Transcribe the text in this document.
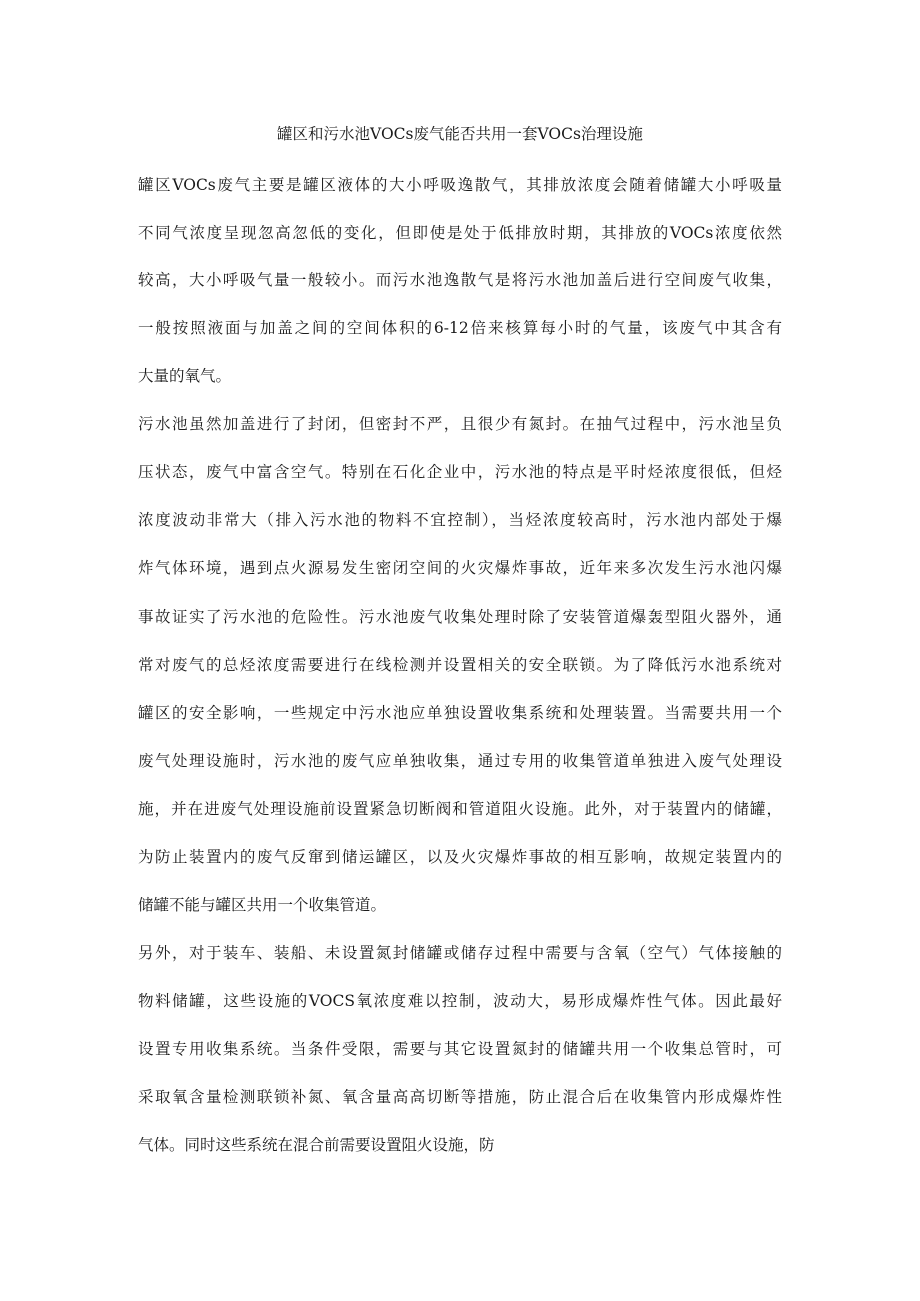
罐区和污水池VOCs废气能否共用一套VOCs治理设施

罐区VOCs废气主要是罐区液体的大小呼吸逸散气，其排放浓度会随着储罐大小呼吸量

不同气浓度呈现忽高忽低的变化，但即使是处于低排放时期，其排放的VOCs浓度依然

较高，大小呼吸气量一般较小。而污水池逸散气是将污水池加盖后进行空间废气收集，

一般按照液面与加盖之间的空间体积的6-12倍来核算每小时的气量，该废气中其含有

大量的氧气。

污水池虽然加盖进行了封闭，但密封不严，且很少有氮封。在抽气过程中，污水池呈负

压状态，废气中富含空气。特别在石化企业中，污水池的特点是平时烃浓度很低，但烃

浓度波动非常大（排入污水池的物料不宜控制），当烃浓度较高时，污水池内部处于爆

炸气体环境，遇到点火源易发生密闭空间的火灾爆炸事故，近年来多次发生污水池闪爆

事故证实了污水池的危险性。污水池废气收集处理时除了安装管道爆轰型阻火器外，通

常对废气的总烃浓度需要进行在线检测并设置相关的安全联锁。为了降低污水池系统对

罐区的安全影响，一些规定中污水池应单独设置收集系统和处理装置。当需要共用一个

废气处理设施时，污水池的废气应单独收集，通过专用的收集管道单独进入废气处理设

施，并在进废气处理设施前设置紧急切断阀和管道阻火设施。此外，对于装置内的储罐，

为防止装置内的废气反窜到储运罐区，以及火灾爆炸事故的相互影响，故规定装置内的

储罐不能与罐区共用一个收集管道。

另外，对于装车、装船、未设置氮封储罐或储存过程中需要与含氧（空气）气体接触的

物料储罐，这些设施的VOCS氧浓度难以控制，波动大，易形成爆炸性气体。因此最好

设置专用收集系统。当条件受限，需要与其它设置氮封的储罐共用一个收集总管时，可

采取氧含量检测联锁补氮、氧含量高高切断等措施，防止混合后在收集管内形成爆炸性

气体。同时这些系统在混合前需要设置阻火设施，防
